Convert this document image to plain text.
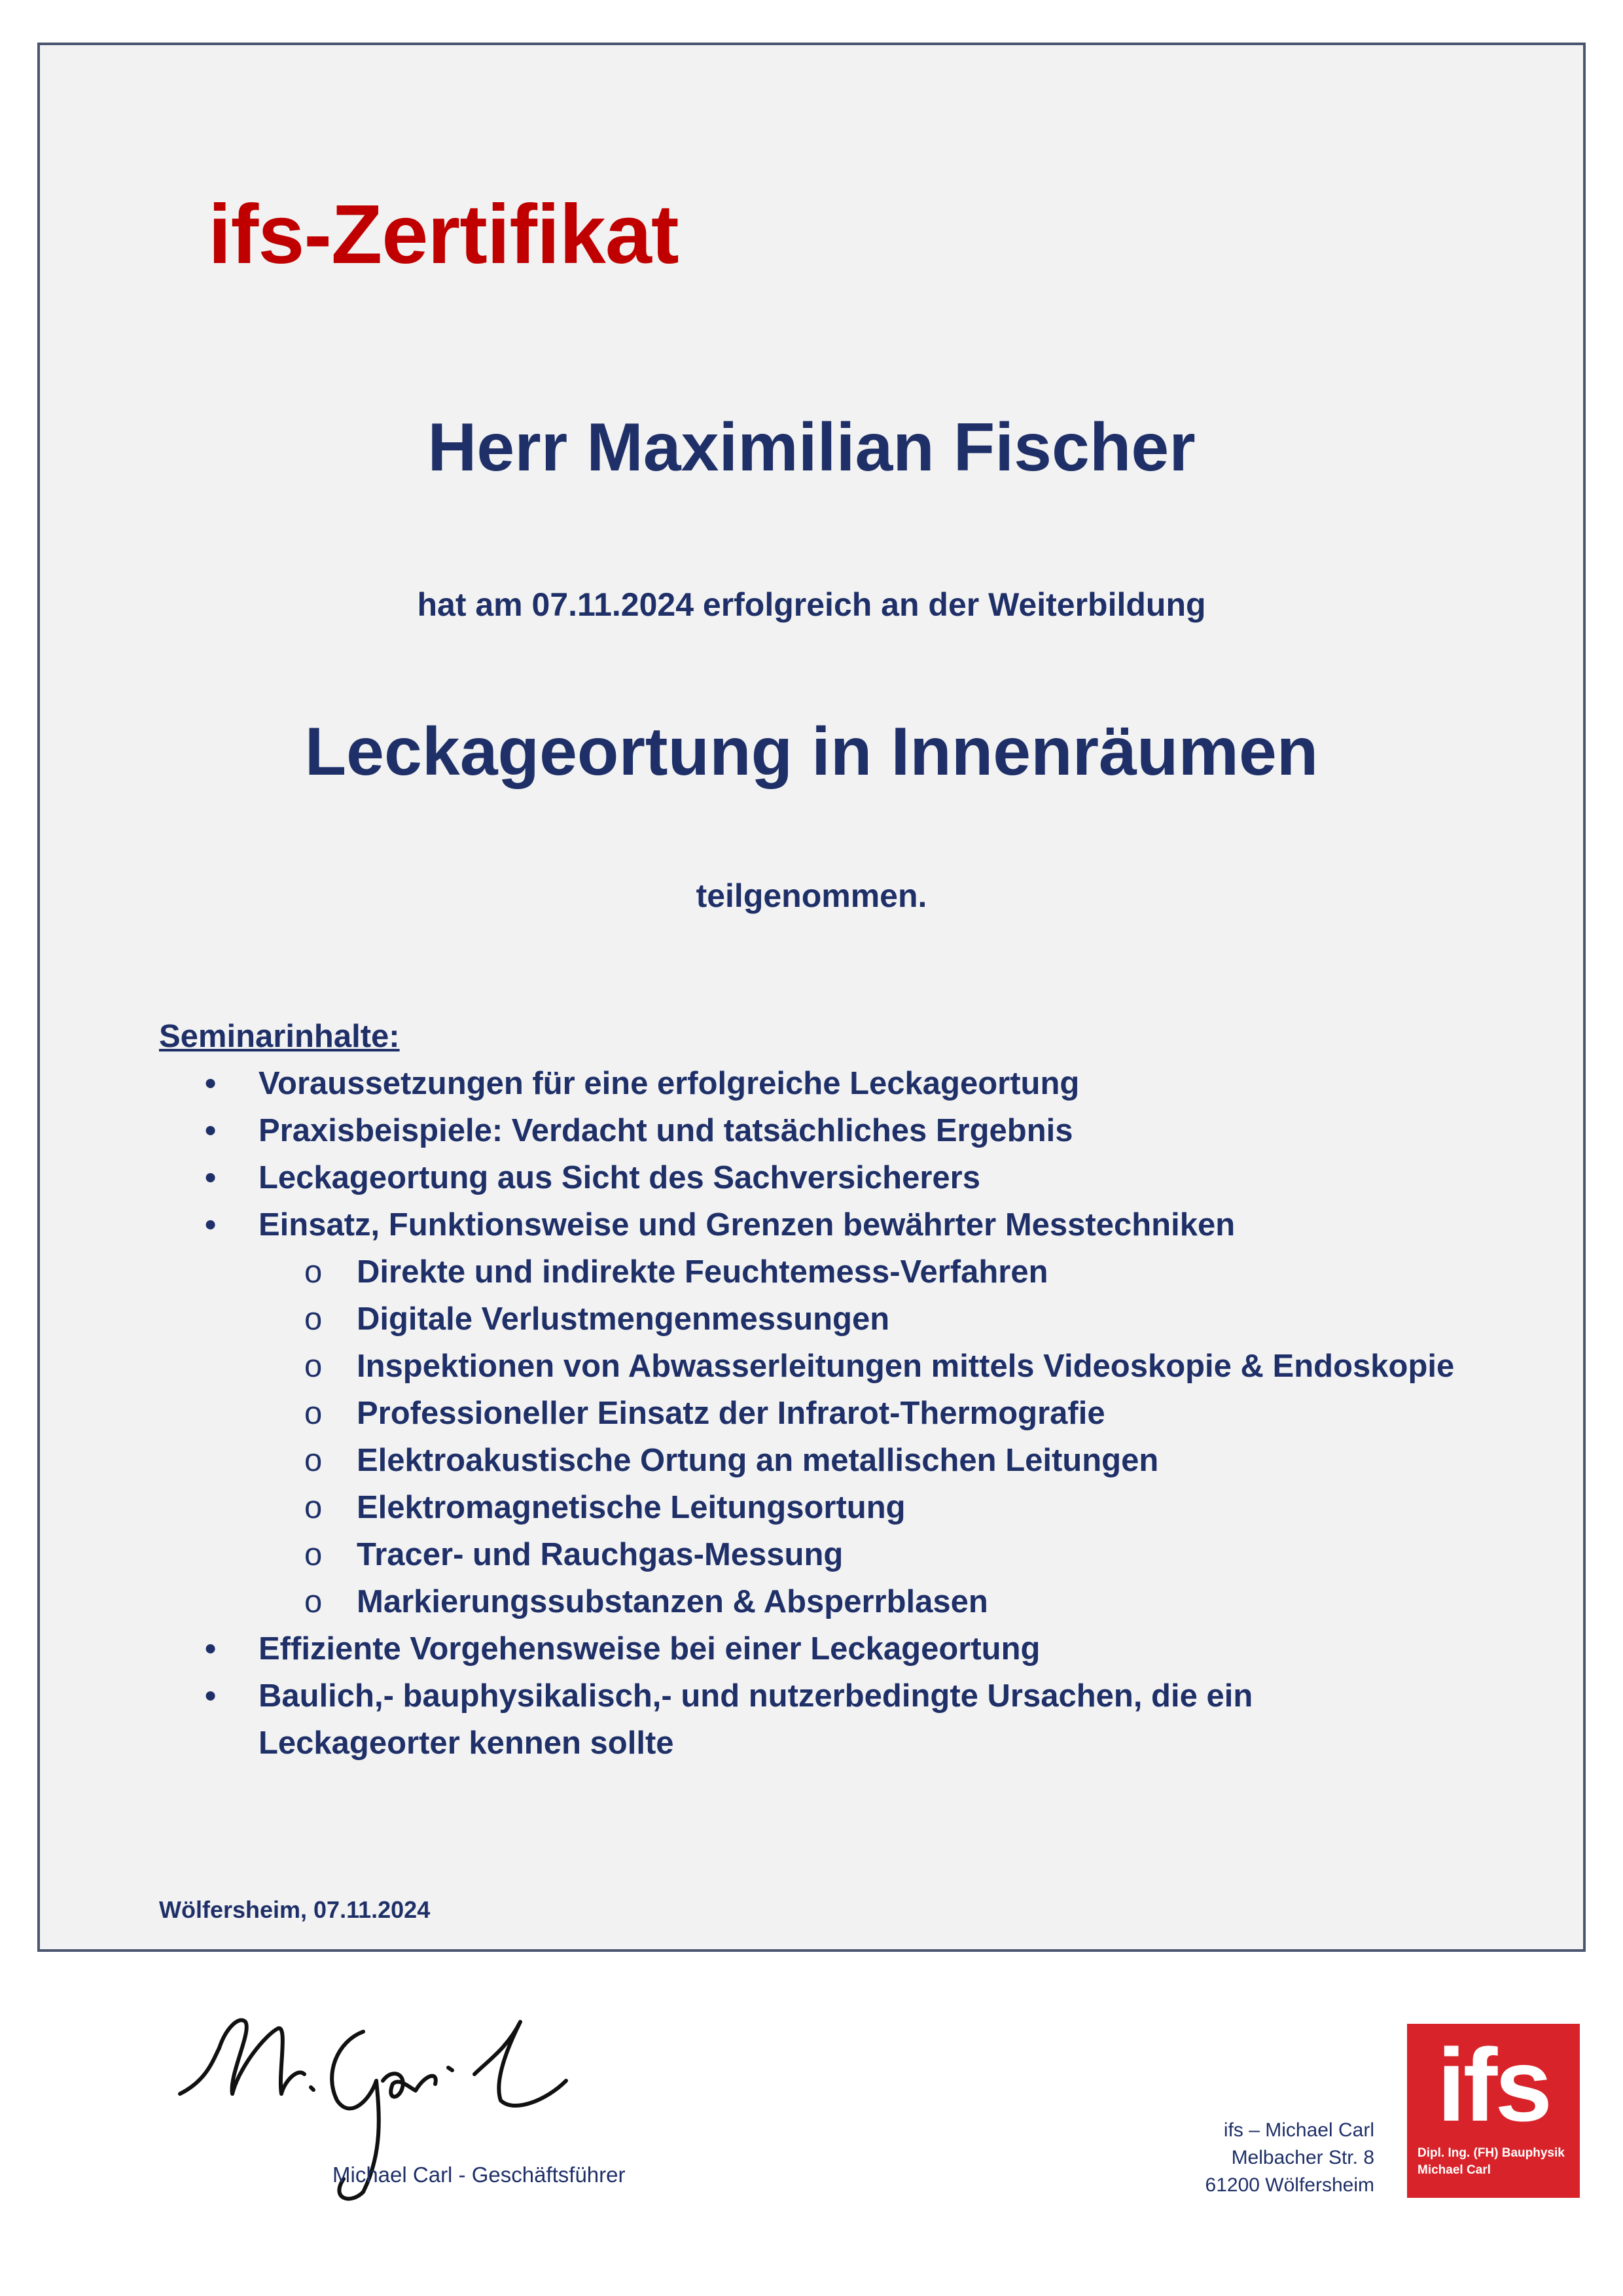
ifs-Zertifikat
Herr Maximilian Fischer
hat am 07.11.2024 erfolgreich an der Weiterbildung
Leckageortung in Innenräumen
teilgenommen.
Seminarinhalte:
• Voraussetzungen für eine erfolgreiche Leckageortung
• Praxisbeispiele: Verdacht und tatsächliches Ergebnis
• Leckageortung aus Sicht des Sachversicherers
• Einsatz, Funktionsweise und Grenzen bewährter Messtechniken
o Direkte und indirekte Feuchtemess-Verfahren
o Digitale Verlustmengenmessungen
o Inspektionen von Abwasserleitungen mittels Videoskopie & Endoskopie
o Professioneller Einsatz der Infrarot-Thermografie
o Elektroakustische Ortung an metallischen Leitungen
o Elektromagnetische Leitungsortung
o Tracer- und Rauchgas-Messung
o Markierungssubstanzen & Absperrblasen
• Effiziente Vorgehensweise bei einer Leckageortung
• Baulich,- bauphysikalisch,- und nutzerbedingte Ursachen, die ein Leckageorter kennen sollte
Wölfersheim, 07.11.2024
Michael Carl - Geschäftsführer
ifs – Michael Carl
Melbacher Str. 8
61200 Wölfersheim
ifs
Dipl. Ing. (FH) Bauphysik
Michael Carl
